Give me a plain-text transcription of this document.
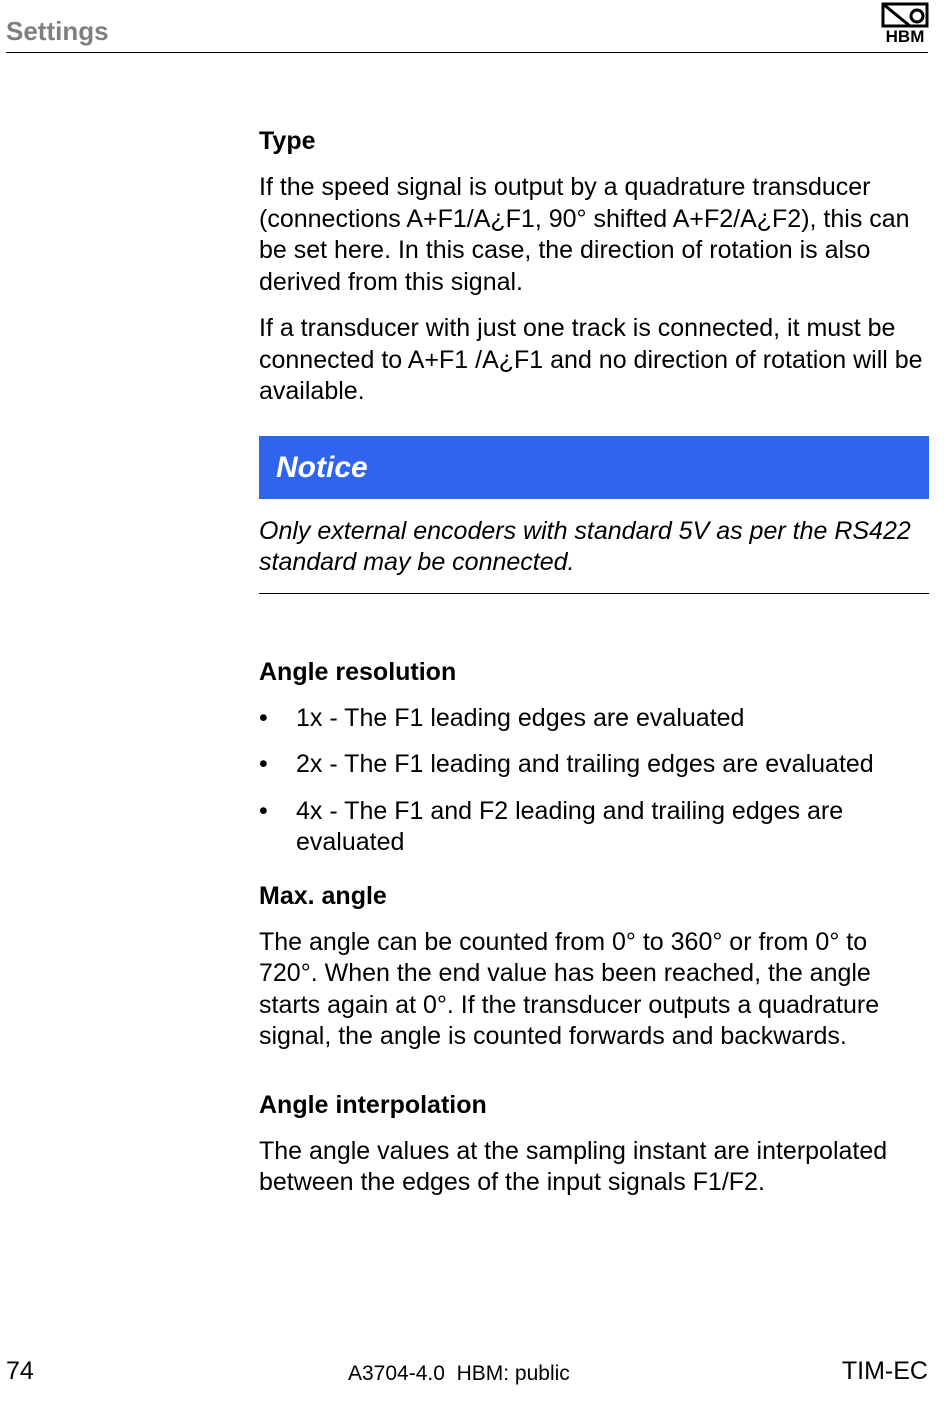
Settings	HBM
Type

If the speed signal is output by a quadrature transducer (connections A+F1/A¿F1, 90° shifted A+F2/A¿F2), this can be set here. In this case, the direction of rotation is also derived from this signal.

If a transducer with just one track is connected, it must be connected to A+F1 /A¿F1 and no direction of rotation will be available.

Notice

Only external encoders with standard 5V as per the RS422 standard may be connected.

Angle resolution
• 1x - The F1 leading edges are evaluated
• 2x - The F1 leading and trailing edges are evaluated
• 4x - The F1 and F2 leading and trailing edges are evaluated
Max. angle

The angle can be counted from 0° to 360° or from 0° to 720°. When the end value has been reached, the angle starts again at 0°. If the transducer outputs a quadrature signal, the angle is counted forwards and backwards.

Angle interpolation

The angle values at the sampling instant are interpolated between the edges of the input signals F1/F2.

74	A3704-4.0  HBM: public	TIM-EC
